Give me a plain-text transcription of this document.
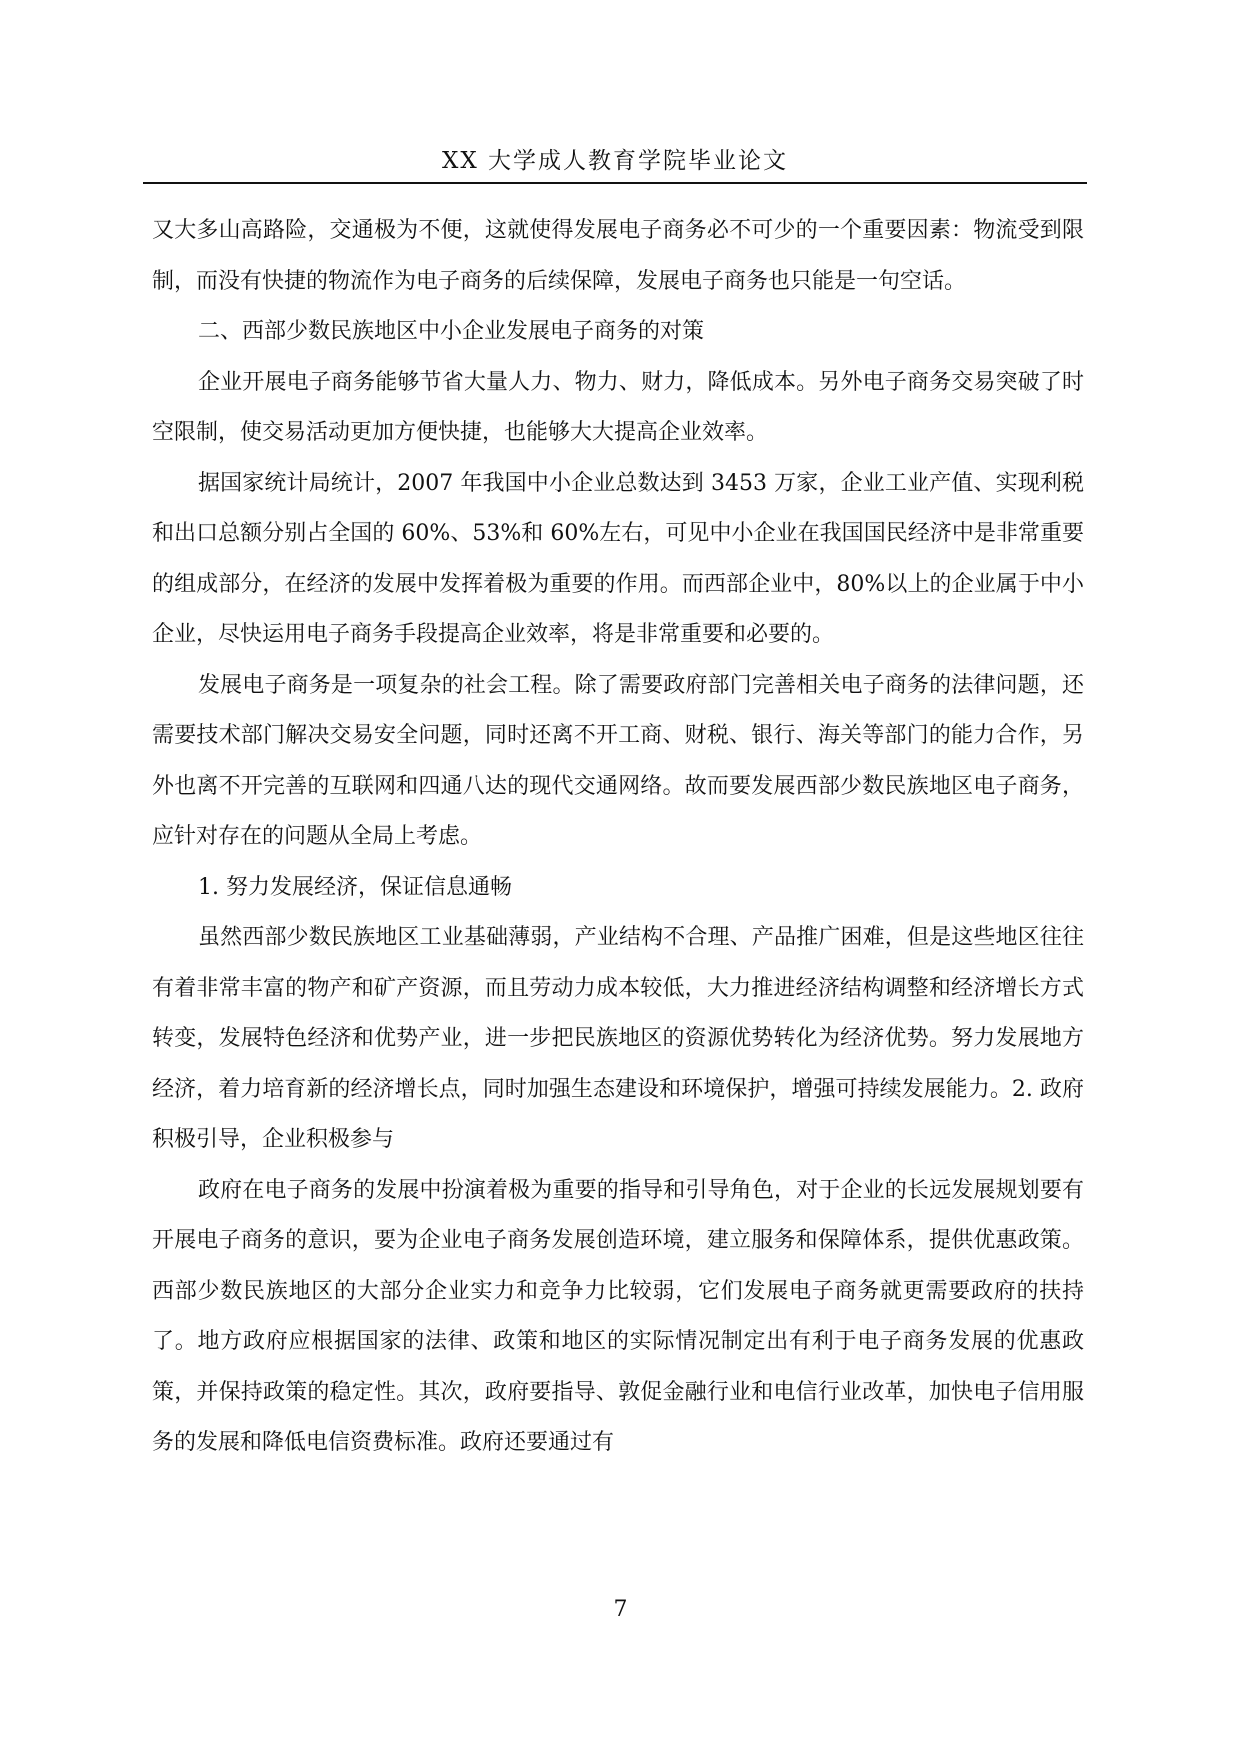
XX 大学成人教育学院毕业论文

又大多山高路险，交通极为不便，这就使得发展电子商务必不可少的一个重要因素：物流受到限制，而没有快捷的物流作为电子商务的后续保障，发展电子商务也只能是一句空话。

二、西部少数民族地区中小企业发展电子商务的对策

企业开展电子商务能够节省大量人力、物力、财力，降低成本。另外电子商务交易突破了时空限制，使交易活动更加方便快捷，也能够大大提高企业效率。

据国家统计局统计，2007 年我国中小企业总数达到 3453 万家，企业工业产值、实现利税和出口总额分别占全国的 60%、53%和 60%左右，可见中小企业在我国国民经济中是非常重要的组成部分，在经济的发展中发挥着极为重要的作用。而西部企业中，80%以上的企业属于中小企业，尽快运用电子商务手段提高企业效率，将是非常重要和必要的。

发展电子商务是一项复杂的社会工程。除了需要政府部门完善相关电子商务的法律问题，还需要技术部门解决交易安全问题，同时还离不开工商、财税、银行、海关等部门的能力合作，另外也离不开完善的互联网和四通八达的现代交通网络。故而要发展西部少数民族地区电子商务，应针对存在的问题从全局上考虑。

1. 努力发展经济，保证信息通畅

虽然西部少数民族地区工业基础薄弱，产业结构不合理、产品推广困难，但是这些地区往往有着非常丰富的物产和矿产资源，而且劳动力成本较低，大力推进经济结构调整和经济增长方式转变，发展特色经济和优势产业，进一步把民族地区的资源优势转化为经济优势。努力发展地方经济，着力培育新的经济增长点，同时加强生态建设和环境保护，增强可持续发展能力。2. 政府积极引导，企业积极参与

政府在电子商务的发展中扮演着极为重要的指导和引导角色，对于企业的长远发展规划要有开展电子商务的意识，要为企业电子商务发展创造环境，建立服务和保障体系，提供优惠政策。西部少数民族地区的大部分企业实力和竞争力比较弱，它们发展电子商务就更需要政府的扶持了。地方政府应根据国家的法律、政策和地区的实际情况制定出有利于电子商务发展的优惠政策，并保持政策的稳定性。其次，政府要指导、敦促金融行业和电信行业改革，加快电子信用服务的发展和降低电信资费标准。政府还要通过有

7
